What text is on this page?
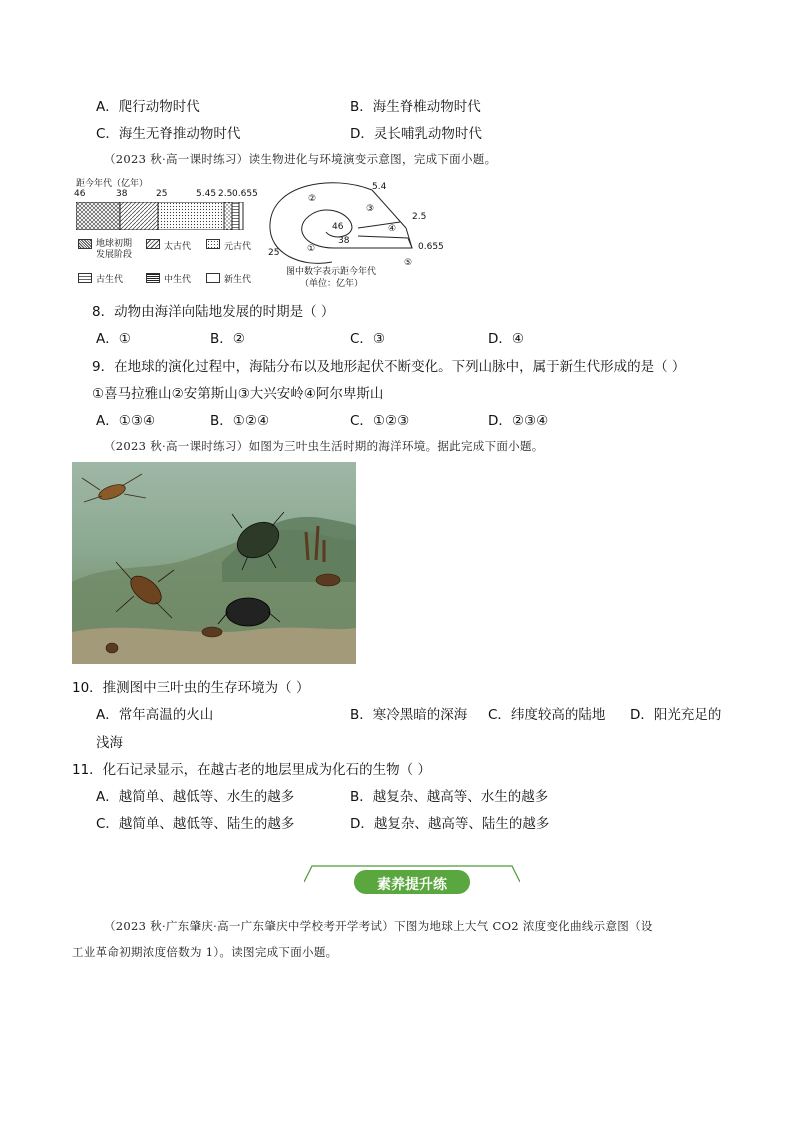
A．爬行动物时代	B．海生脊椎动物时代
C．海生无脊推动物时代	D．灵长哺乳动物时代
（2023 秋·高一课时练习）读生物进化与环境演变示意图，完成下面小题。
距今年代（亿年）
46	38	25	5.45 2.5 0.655
地球初期
发展阶段
太古代	元古代
古生代	中生代	新生代
②
③
④
①
⑤
5.4
2.5
46
38
25
0.655
图中数字表示距今年代
（单位：亿年）
8．动物由海洋向陆地发展的时期是（ ）
A．①	B．②	C．③	D．④
9．在地球的演化过程中，海陆分布以及地形起伏不断变化。下列山脉中，属于新生代形成的是（ ）
①喜马拉雅山②安第斯山③大兴安岭④阿尔卑斯山
A．①③④	B．①②④	C．①②③	D．②③④
（2023 秋·高一课时练习）如图为三叶虫生活时期的海洋环境。据此完成下面小题。
10．推测图中三叶虫的生存环境为（ ）
A．常年高温的火山	B．寒冷黑暗的深海 C．纬度较高的陆地 D．阳光充足的
浅海
11．化石记录显示，在越古老的地层里成为化石的生物（ ）
A．越简单、越低等、水生的越多	B．越复杂、越高等、水生的越多
C．越简单、越低等、陆生的越多	D．越复杂、越高等、陆生的越多
素养提升练
（2023 秋·广东肇庆·高一广东肇庆中学校考开学考试）下图为地球上大气 CO2 浓度变化曲线示意图（设
工业革命初期浓度倍数为 1）。读图完成下面小题。
